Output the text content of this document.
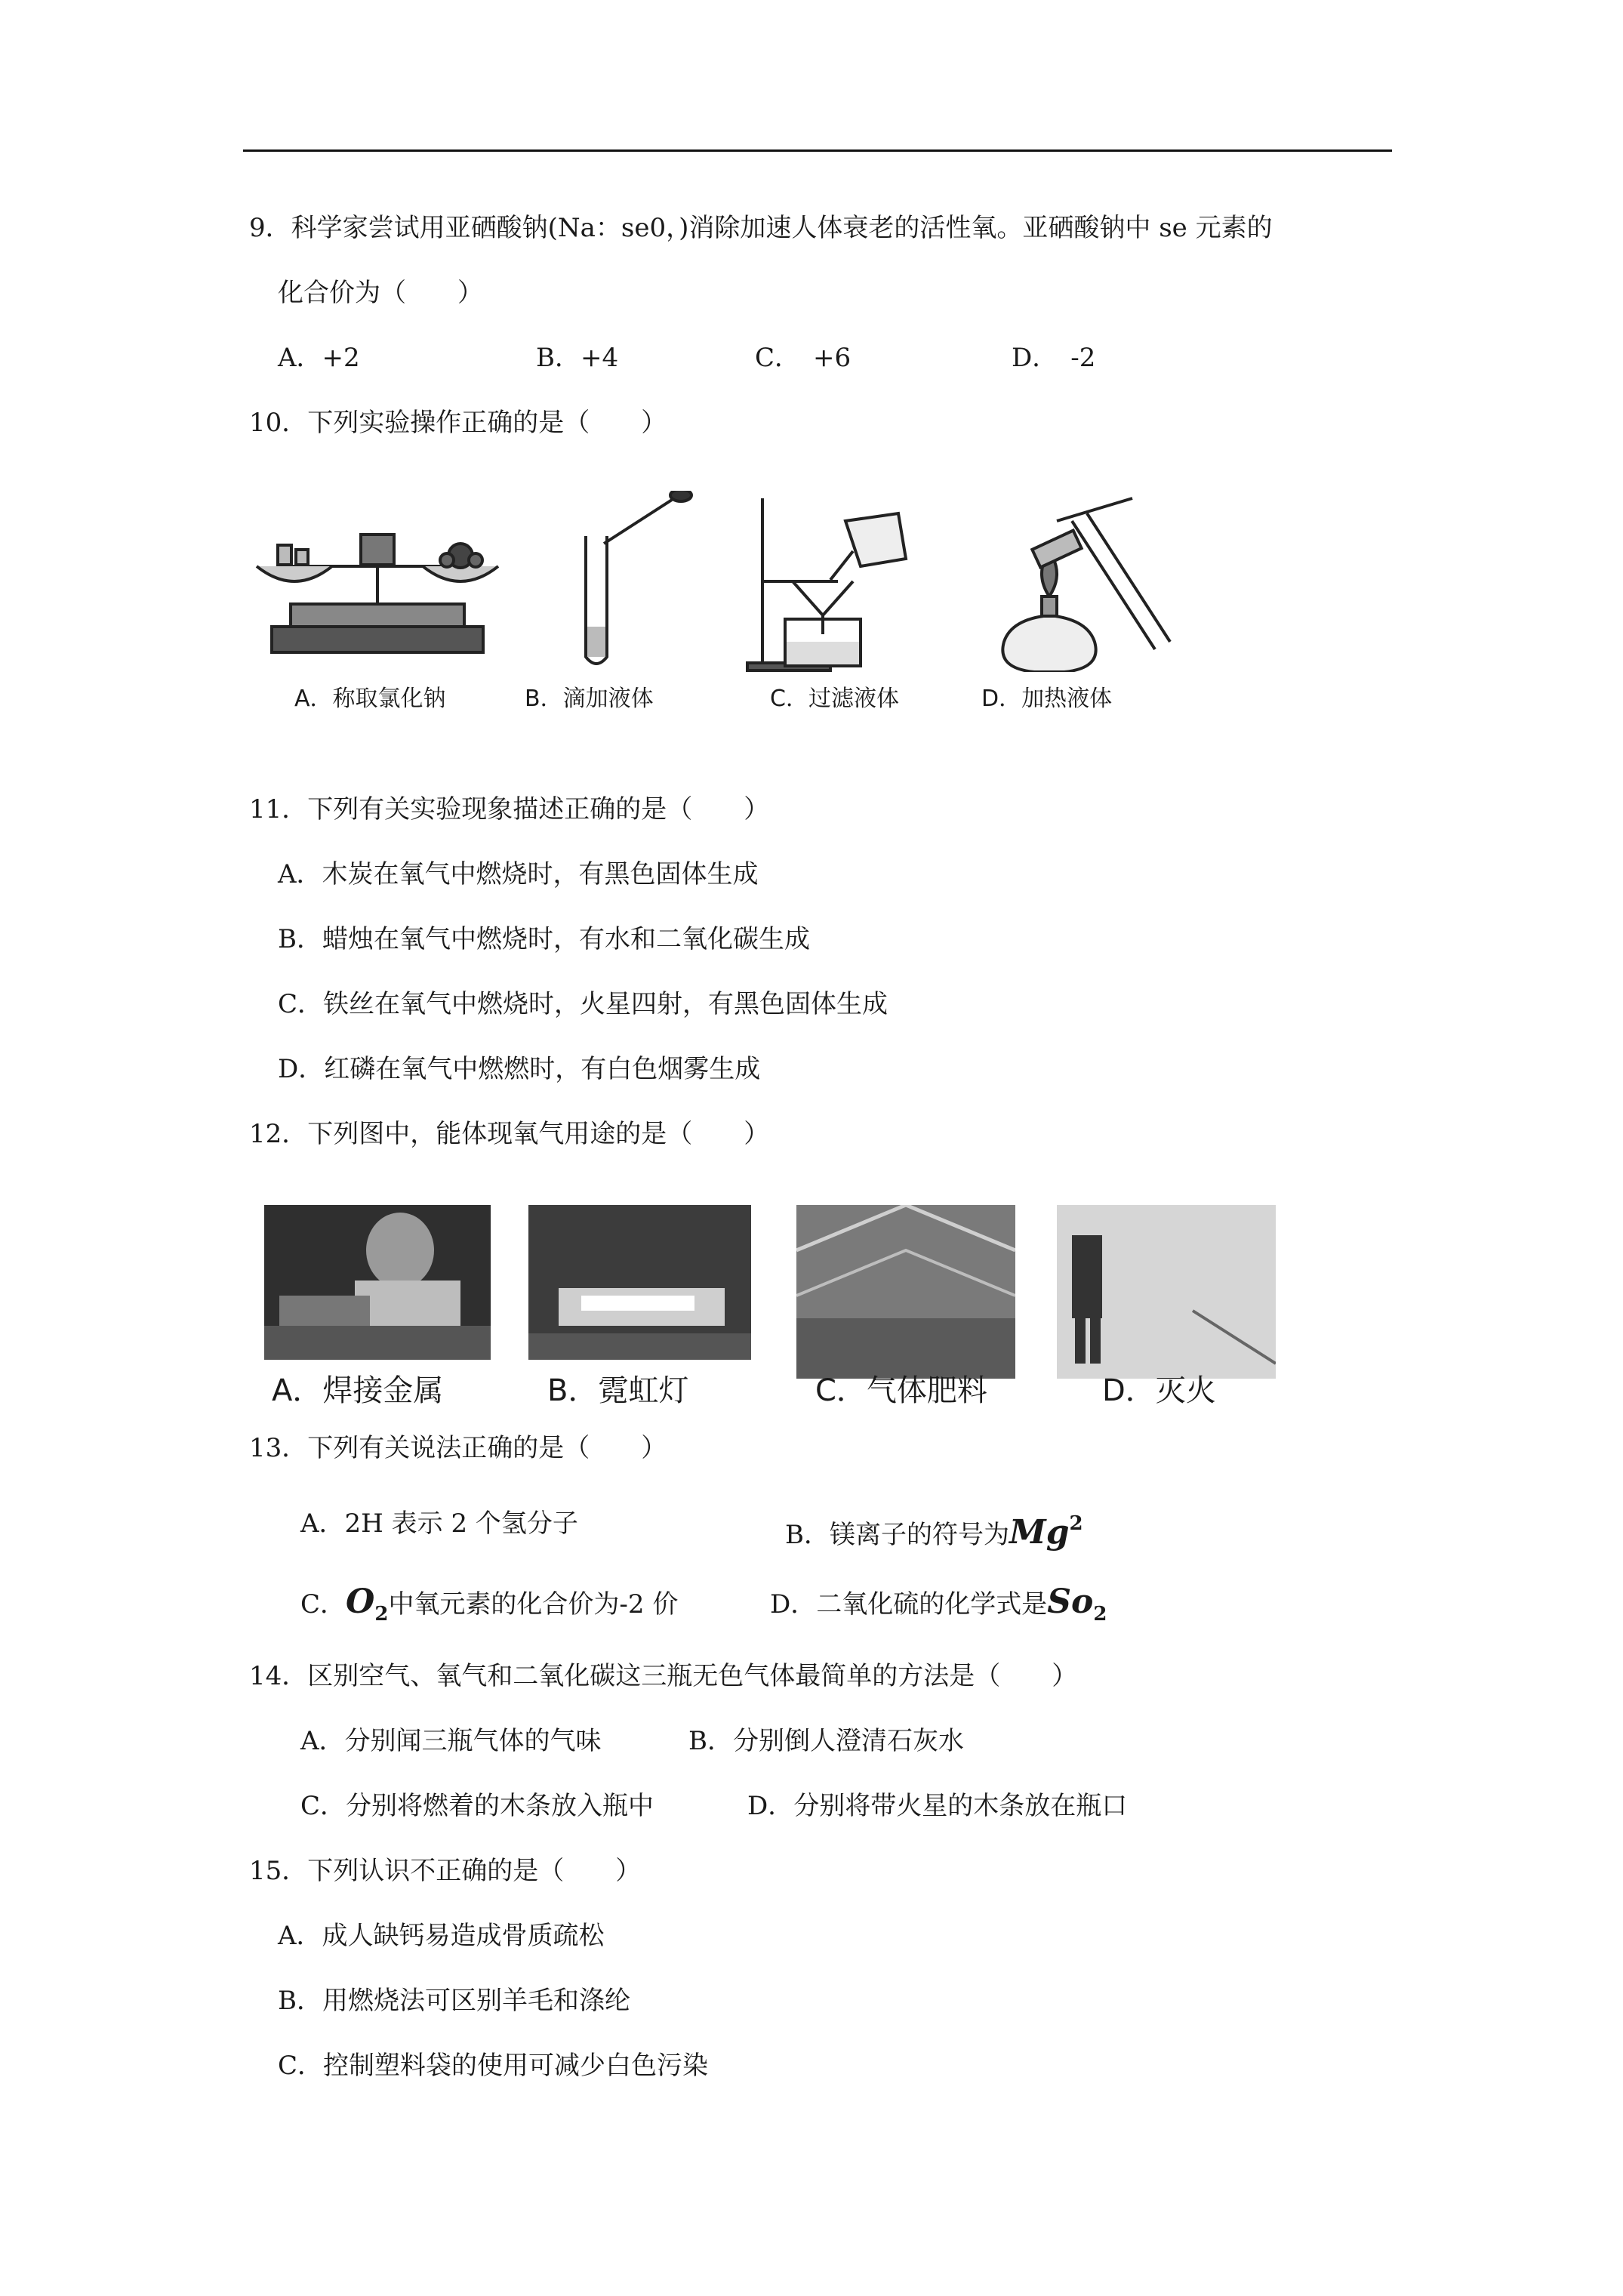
9．科学家尝试用亚硒酸钠(Na：se0，)消除加速人体衰老的活性氧。亚硒酸钠中 se 元素的
化合价为（　　）
A．+2	B．+4	C．　+6	D．　-2
10．下列实验操作正确的是（　　）
A．称取氯化钠	B．滴加液体	C．过滤液体	D．加热液体
11．下列有关实验现象描述正确的是（　　）
A．木炭在氧气中燃烧时，有黑色固体生成
B．蜡烛在氧气中燃烧时，有水和二氧化碳生成
C．铁丝在氧气中燃烧时，火星四射，有黑色固体生成
D．红磷在氧气中燃燃时，有白色烟雾生成
12．下列图中，能体现氧气用途的是（　　）
A．焊接金属	B．霓虹灯	C．气体肥料	D．灭火
13．下列有关说法正确的是（　　）
A．2H 表示 2 个氢分子	B．镁离子的符号为Mg$^2$
C．$O_2$中氧元素的化合价为-2 价	D．二氧化硫的化学式是$So_2$
14．区别空气、氧气和二氧化碳这三瓶无色气体最简单的方法是（　　）
A．分别闻三瓶气体的气味	B．分别倒人澄清石灰水
C．分别将燃着的木条放入瓶中	D．分别将带火星的木条放在瓶口
15．下列认识不正确的是（　　）
A．成人缺钙易造成骨质疏松
B．用燃烧法可区别羊毛和涤纶
C．控制塑料袋的使用可减少白色污染
